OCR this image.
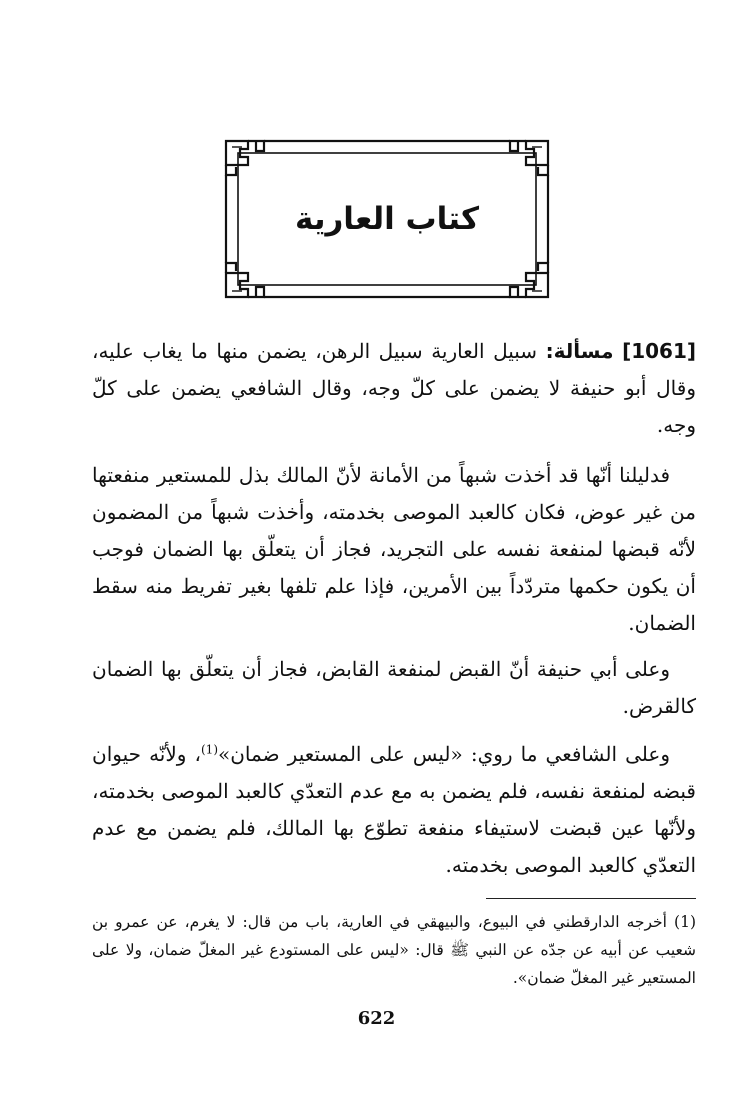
كتاب العارية

[1061] مسألة: سبيل العارية سبيل الرهن، يضمن منها ما يغاب عليه، وقال أبو حنيفة لا يضمن على كلّ وجه، وقال الشافعي يضمن على كلّ وجه.

فدليلنا أنّها قد أخذت شبهاً من الأمانة لأنّ المالك بذل للمستعير منفعتها من غير عوض، فكان كالعبد الموصى بخدمته، وأخذت شبهاً من المضمون لأنّه قبضها لمنفعة نفسه على التجريد، فجاز أن يتعلّق بها الضمان فوجب أن يكون حكمها متردّداً بين الأمرين، فإذا علم تلفها بغير تفريط منه سقط الضمان.

وعلى أبي حنيفة أنّ القبض لمنفعة القابض، فجاز أن يتعلّق بها الضمان كالقرض.

وعلى الشافعي ما روي: «ليس على المستعير ضمان»$^{(1)}$، ولأنّه حيوان قبضه لمنفعة نفسه، فلم يضمن به مع عدم التعدّي كالعبد الموصى بخدمته، ولأنّها عين قبضت لاستيفاء منفعة تطوّع بها المالك، فلم يضمن مع عدم التعدّي كالعبد الموصى بخدمته.

(1) أخرجه الدارقطني في البيوع، والبيهقي في العارية، باب من قال: لا يغرم، عن عمرو بن شعيب عن أبيه عن جدّه عن النبي ﷺ قال: «ليس على المستودع غير المغلّ ضمان، ولا على المستعير غير المغلّ ضمان».

622
